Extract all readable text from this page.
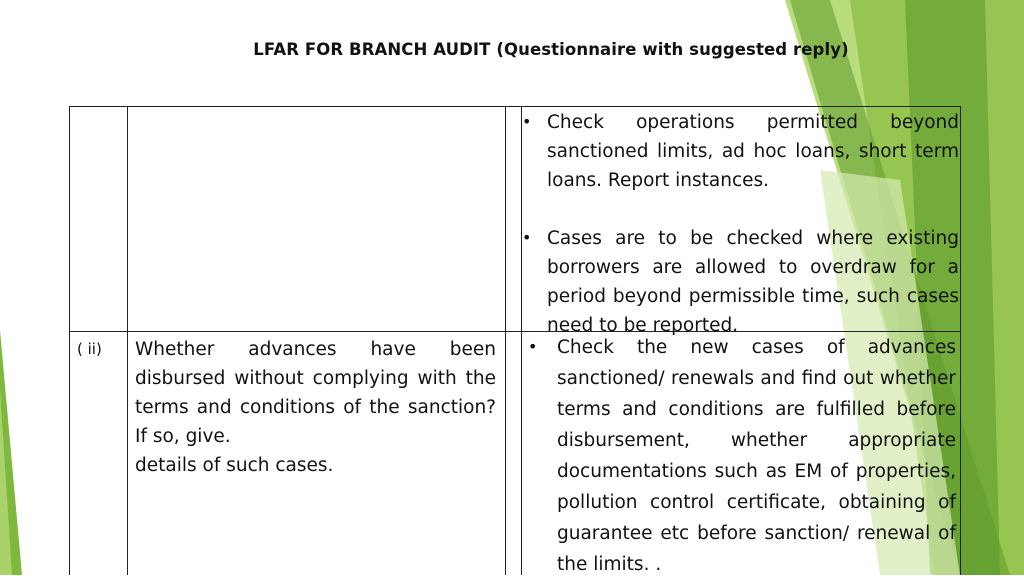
LFAR FOR BRANCH AUDIT (Questionnaire with suggested reply)
• Check operations permitted beyond sanctioned limits, ad hoc loans, short term loans. Report instances.
• Cases are to be checked where existing borrowers are allowed to overdraw for a period beyond permissible time, such cases need to be reported.
( ii) Whether advances have been disbursed without complying with the terms and conditions of the sanction? If so, give.
details of such cases.
• Check the new cases of advances sanctioned/ renewals and find out whether terms and conditions are fulfilled before disbursement, whether appropriate documentations such as EM of properties, pollution control certificate, obtaining of guarantee etc before sanction/ renewal of the limits. .
